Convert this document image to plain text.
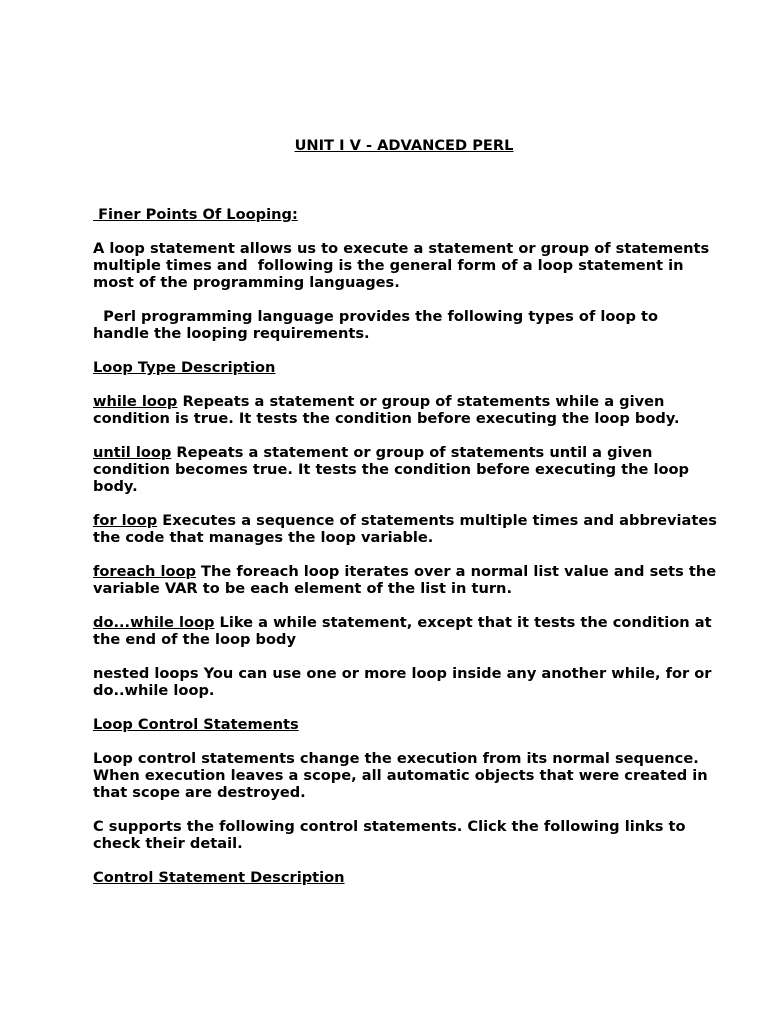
UNIT I V - ADVANCED PERL
Finer Points Of Looping:

A loop statement allows us to execute a statement or group of statements multiple times and  following is the general form of a loop statement in most of the programming languages.

Perl programming language provides the following types of loop to handle the looping requirements.

Loop Type Description

while loop Repeats a statement or group of statements while a given condition is true. It tests the condition before executing the loop body.

until loop Repeats a statement or group of statements until a given condition becomes true. It tests the condition before executing the loop body.

for loop Executes a sequence of statements multiple times and abbreviates the code that manages the loop variable.

foreach loop The foreach loop iterates over a normal list value and sets the variable VAR to be each element of the list in turn.

do...while loop Like a while statement, except that it tests the condition at the end of the loop body

nested loops You can use one or more loop inside any another while, for or do..while loop.

Loop Control Statements

Loop control statements change the execution from its normal sequence. When execution leaves a scope, all automatic objects that were created in that scope are destroyed.

C supports the following control statements. Click the following links to check their detail.

Control Statement Description
